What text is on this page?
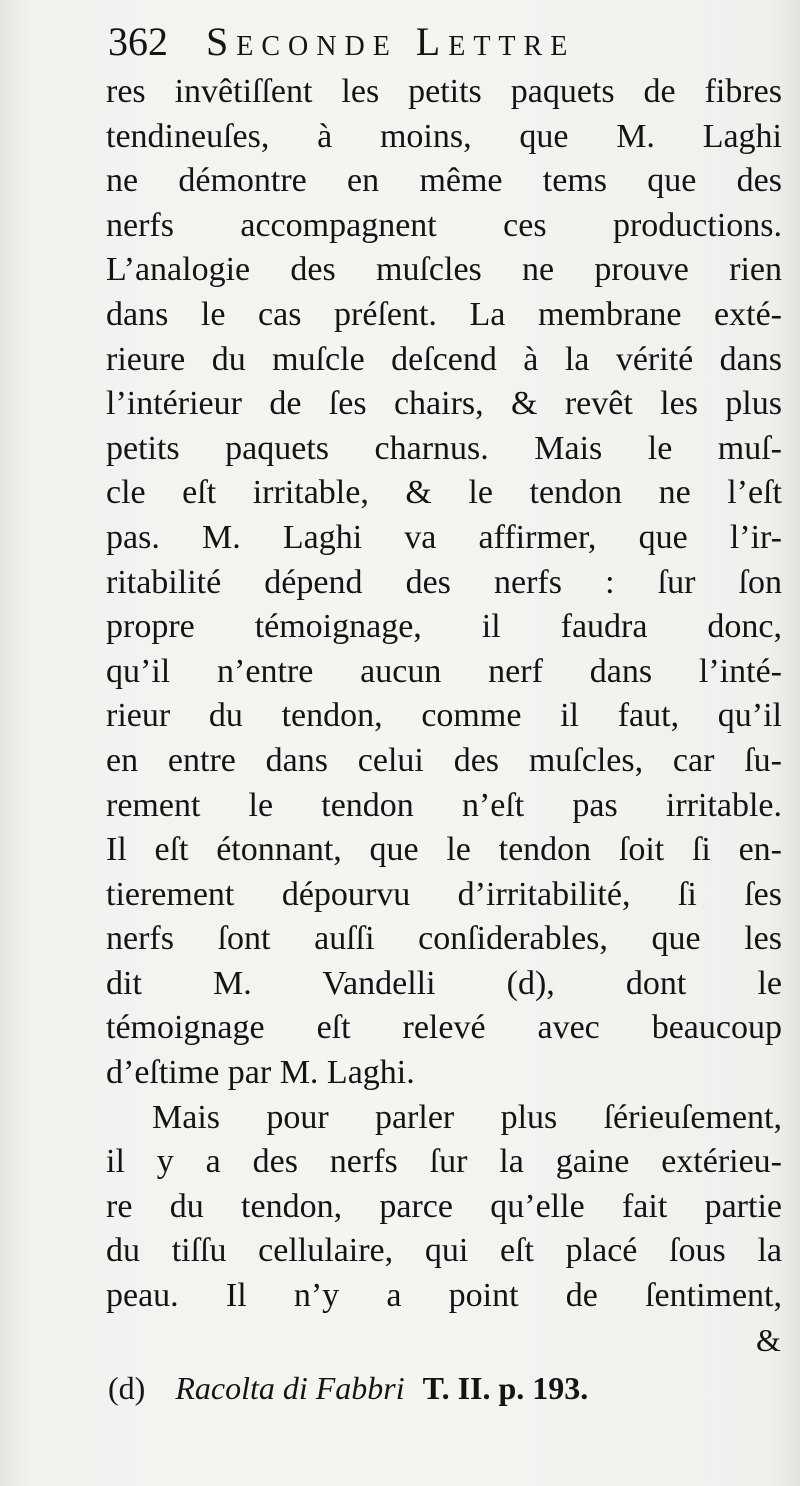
362 Seconde Lettre
res invêtiſſent les petits paquets de fibres
tendineuſes, à moins, que M. Laghi
ne démontre en même tems que des
nerfs accompagnent ces productions.
L’analogie des muſcles ne prouve rien
dans le cas préſent. La membrane exté-
rieure du muſcle deſcend à la vérité dans
l’intérieur de ſes chairs, & revêt les plus
petits paquets charnus. Mais le muſ-
cle eſt irritable, & le tendon ne l’eſt
pas. M. Laghi va affirmer, que l’ir-
ritabilité dépend des nerfs : ſur ſon
propre témoignage, il faudra donc,
qu’il n’entre aucun nerf dans l’inté-
rieur du tendon, comme il faut, qu’il
en entre dans celui des muſcles, car ſu-
rement le tendon n’eſt pas irritable.
Il eſt étonnant, que le tendon ſoit ſi en-
tierement dépourvu d’irritabilité, ſi ſes
nerfs ſont auſſi conſiderables, que les
dit M. Vandelli (d), dont le
témoignage eſt relevé avec beaucoup
d’eſtime par M. Laghi.
Mais pour parler plus ſérieuſement,
il y a des nerfs ſur la gaine extérieu-
re du tendon, parce qu’elle fait partie
du tiſſu cellulaire, qui eſt placé ſous la
peau. Il n’y a point de ſentiment,
&
(d) Racolta di Fabbri T. II. p. 193.
